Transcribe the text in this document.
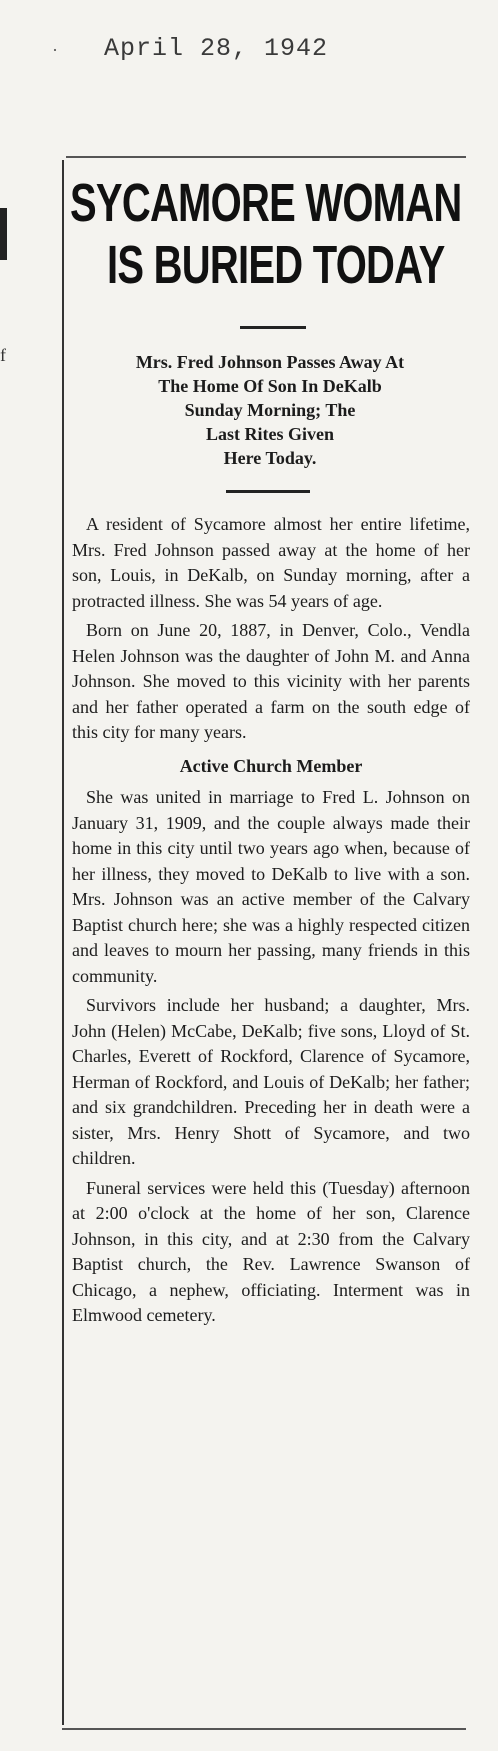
· April 28, 1942
f
SYCAMORE WOMAN
IS BURIED TODAY
Mrs. Fred Johnson Passes Away At
The Home Of Son In DeKalb
Sunday Morning; The
Last Rites Given
Here Today.

A resident of Sycamore almost her entire lifetime, Mrs. Fred Johnson passed away at the home of her son, Louis, in DeKalb, on Sunday morning, after a protracted illness. She was 54 years of age.

Born on June 20, 1887, in Denver, Colo., Vendla Helen Johnson was the daughter of John M. and Anna Johnson. She moved to this vicinity with her parents and her father operated a farm on the south edge of this city for many years.

Active Church Member

She was united in marriage to Fred L. Johnson on January 31, 1909, and the couple always made their home in this city until two years ago when, because of her illness, they moved to DeKalb to live with a son. Mrs. Johnson was an active member of the Calvary Baptist church here; she was a highly respected citizen and leaves to mourn her passing, many friends in this community.

Survivors include her husband; a daughter, Mrs. John (Helen) McCabe, DeKalb; five sons, Lloyd of St. Charles, Everett of Rockford, Clarence of Sycamore, Herman of Rockford, and Louis of DeKalb; her father; and six grandchildren. Preceding her in death were a sister, Mrs. Henry Shott of Sycamore, and two children.

Funeral services were held this (Tuesday) afternoon at 2:00 o'clock at the home of her son, Clarence Johnson, in this city, and at 2:30 from the Calvary Baptist church, the Rev. Lawrence Swanson of Chicago, a nephew, officiating. Interment was in Elmwood cemetery.
